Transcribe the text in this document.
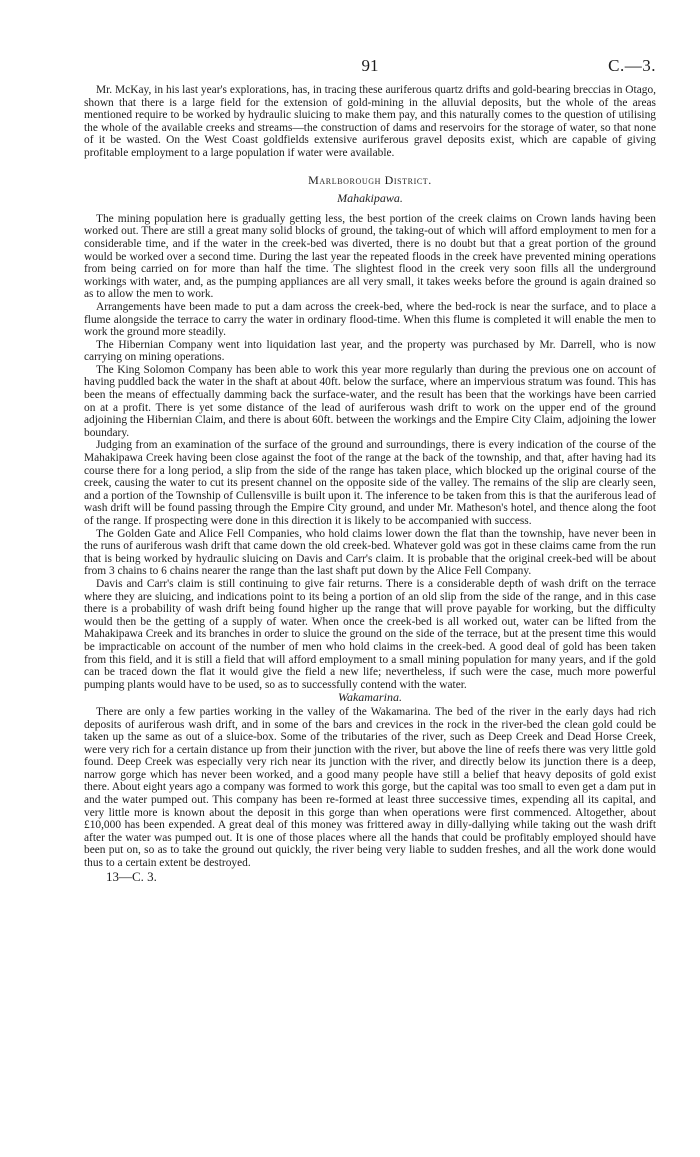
91	C.—3.

Mr. McKay, in his last year's explorations, has, in tracing these auriferous quartz drifts and gold-bearing breccias in Otago, shown that there is a large field for the extension of gold-mining in the alluvial deposits, but the whole of the areas mentioned require to be worked by hydraulic sluicing to make them pay, and this naturally comes to the question of utilising the whole of the available creeks and streams—the construction of dams and reservoirs for the storage of water, so that none of it be wasted. On the West Coast goldfields extensive auriferous gravel deposits exist, which are capable of giving profitable employment to a large population if water were available.

Marlborough District.

Mahakipawa.

The mining population here is gradually getting less, the best portion of the creek claims on Crown lands having been worked out. There are still a great many solid blocks of ground, the taking-out of which will afford employment to men for a considerable time, and if the water in the creek-bed was diverted, there is no doubt but that a great portion of the ground would be worked over a second time. During the last year the repeated floods in the creek have prevented mining operations from being carried on for more than half the time. The slightest flood in the creek very soon fills all the underground workings with water, and, as the pumping appliances are all very small, it takes weeks before the ground is again drained so as to allow the men to work.

Arrangements have been made to put a dam across the creek-bed, where the bed-rock is near the surface, and to place a flume alongside the terrace to carry the water in ordinary flood-time. When this flume is completed it will enable the men to work the ground more steadily.

The Hibernian Company went into liquidation last year, and the property was purchased by Mr. Darrell, who is now carrying on mining operations.

The King Solomon Company has been able to work this year more regularly than during the previous one on account of having puddled back the water in the shaft at about 40ft. below the surface, where an impervious stratum was found. This has been the means of effectually damming back the surface-water, and the result has been that the workings have been carried on at a profit. There is yet some distance of the lead of auriferous wash drift to work on the upper end of the ground adjoining the Hibernian Claim, and there is about 60ft. between the workings and the Empire City Claim, adjoining the lower boundary.

Judging from an examination of the surface of the ground and surroundings, there is every indication of the course of the Mahakipawa Creek having been close against the foot of the range at the back of the township, and that, after having had its course there for a long period, a slip from the side of the range has taken place, which blocked up the original course of the creek, causing the water to cut its present channel on the opposite side of the valley. The remains of the slip are clearly seen, and a portion of the Township of Cullensville is built upon it. The inference to be taken from this is that the auriferous lead of wash drift will be found passing through the Empire City ground, and under Mr. Matheson's hotel, and thence along the foot of the range. If prospecting were done in this direction it is likely to be accompanied with success.

The Golden Gate and Alice Fell Companies, who hold claims lower down the flat than the township, have never been in the runs of auriferous wash drift that came down the old creek-bed. Whatever gold was got in these claims came from the run that is being worked by hydraulic sluicing on Davis and Carr's claim. It is probable that the original creek-bed will be about from 3 chains to 6 chains nearer the range than the last shaft put down by the Alice Fell Company.

Davis and Carr's claim is still continuing to give fair returns. There is a considerable depth of wash drift on the terrace where they are sluicing, and indications point to its being a portion of an old slip from the side of the range, and in this case there is a probability of wash drift being found higher up the range that will prove payable for working, but the difficulty would then be the getting of a supply of water. When once the creek-bed is all worked out, water can be lifted from the Mahakipawa Creek and its branches in order to sluice the ground on the side of the terrace, but at the present time this would be impracticable on account of the number of men who hold claims in the creek-bed. A good deal of gold has been taken from this field, and it is still a field that will afford employment to a small mining population for many years, and if the gold can be traced down the flat it would give the field a new life; nevertheless, if such were the case, much more powerful pumping plants would have to be used, so as to successfully contend with the water.

Wakamarina.

There are only a few parties working in the valley of the Wakamarina. The bed of the river in the early days had rich deposits of auriferous wash drift, and in some of the bars and crevices in the rock in the river-bed the clean gold could be taken up the same as out of a sluice-box. Some of the tributaries of the river, such as Deep Creek and Dead Horse Creek, were very rich for a certain distance up from their junction with the river, but above the line of reefs there was very little gold found. Deep Creek was especially very rich near its junction with the river, and directly below its junction there is a deep, narrow gorge which has never been worked, and a good many people have still a belief that heavy deposits of gold exist there. About eight years ago a company was formed to work this gorge, but the capital was too small to even get a dam put in and the water pumped out. This company has been re-formed at least three successive times, expending all its capital, and very little more is known about the deposit in this gorge than when operations were first commenced. Altogether, about £10,000 has been expended. A great deal of this money was frittered away in dilly-dallying while taking out the wash drift after the water was pumped out. It is one of those places where all the hands that could be profitably employed should have been put on, so as to take the ground out quickly, the river being very liable to sudden freshes, and all the work done would thus to a certain extent be destroyed.

13—C. 3.
